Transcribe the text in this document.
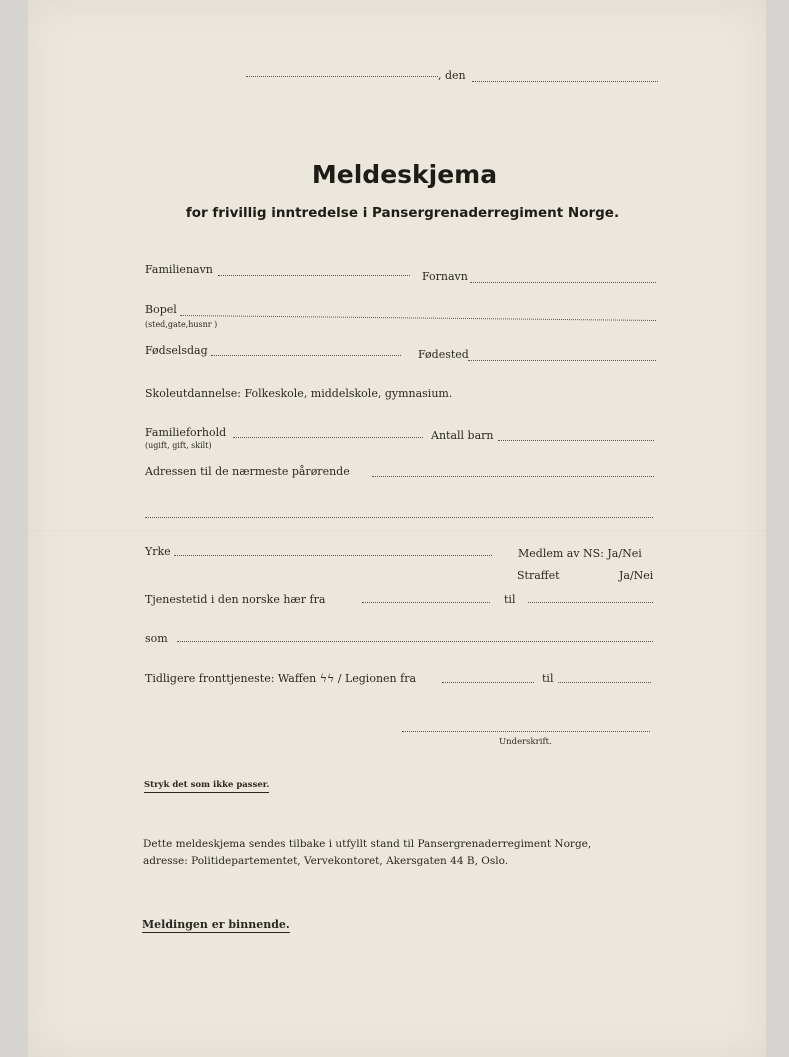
, den
Meldeskjema
for frivillig inntredelse i Pansergrenaderregiment Norge.
Familienavn
Fornavn
Bopel
(sted,gate,husnr )
Fødselsdag	Fødested
Skoleutdannelse: Folkeskole, middelskole, gymnasium.
Familieforhold
(ugift, gift, skilt)
Antall barn
Adressen til de nærmeste pårørende
Yrke	Medlem av NS: Ja/Nei
Straffet	Ja/Nei
Tjenestetid i den norske hær fra	til
som
Tidligere fronttjeneste: Waffen ϟϟ / Legionen fra	til
Underskrift.
Stryk det som ikke passer.
Dette meldeskjema sendes tilbake i utfyllt stand til Pansergrenaderregiment Norge,
adresse: Politidepartementet, Vervekontoret, Akersgaten 44 B, Oslo.
Meldingen er binnende.
